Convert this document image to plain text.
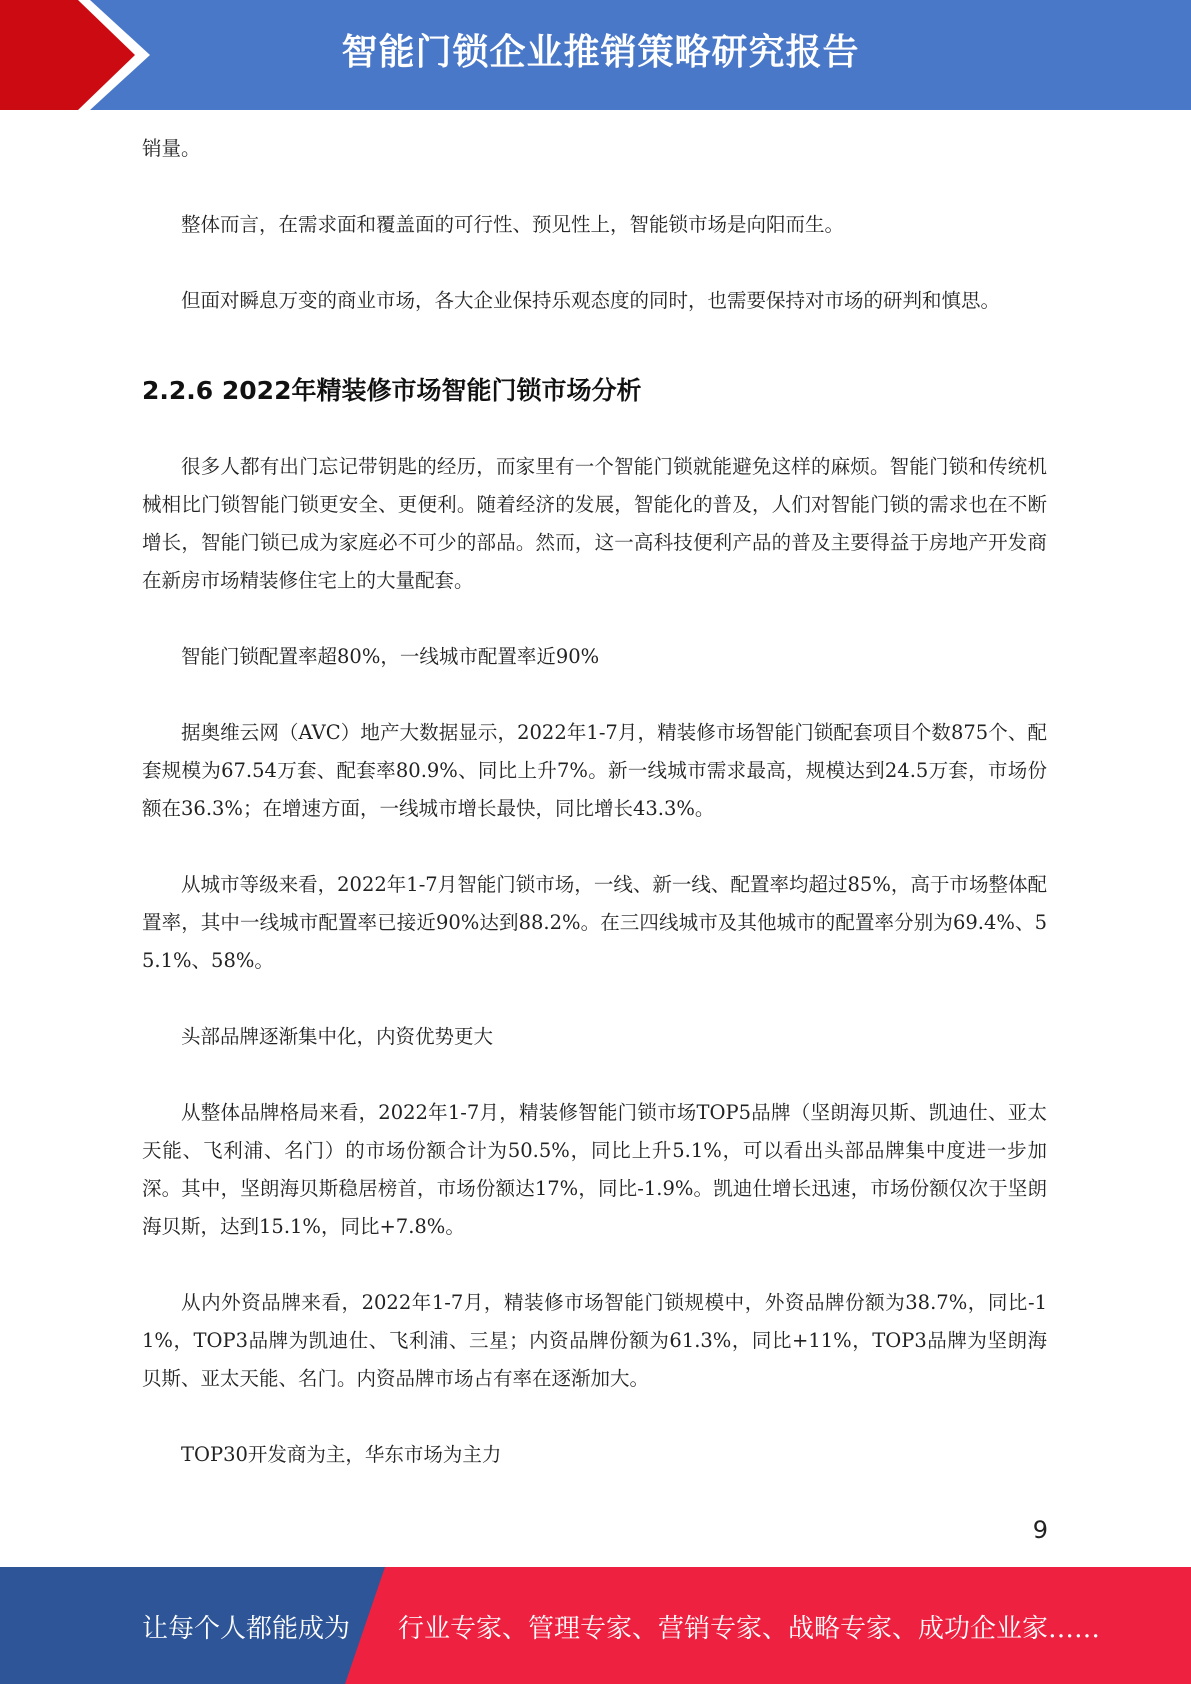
智能门锁企业推销策略研究报告

销量。

整体而言，在需求面和覆盖面的可行性、预见性上，智能锁市场是向阳而生。

但面对瞬息万变的商业市场，各大企业保持乐观态度的同时，也需要保持对市场的研判和慎思。

2.2.6 2022年精装修市场智能门锁市场分析

很多人都有出门忘记带钥匙的经历，而家里有一个智能门锁就能避免这样的麻烦。智能门锁和传统机械相比门锁智能门锁更安全、更便利。随着经济的发展，智能化的普及，人们对智能门锁的需求也在不断增长，智能门锁已成为家庭必不可少的部品。然而，这一高科技便利产品的普及主要得益于房地产开发商在新房市场精装修住宅上的大量配套。

智能门锁配置率超80%，一线城市配置率近90%

据奥维云网（AVC）地产大数据显示，2022年1-7月，精装修市场智能门锁配套项目个数875个、配套规模为67.54万套、配套率80.9%、同比上升7%。新一线城市需求最高，规模达到24.5万套，市场份额在36.3%；在增速方面，一线城市增长最快，同比增长43.3%。

从城市等级来看，2022年1-7月智能门锁市场，一线、新一线、配置率均超过85%，高于市场整体配置率，其中一线城市配置率已接近90%达到88.2%。在三四线城市及其他城市的配置率分别为69.4%、55.1%、58%。

头部品牌逐渐集中化，内资优势更大

从整体品牌格局来看，2022年1-7月，精装修智能门锁市场TOP5品牌（坚朗海贝斯、凯迪仕、亚太天能、飞利浦、名门）的市场份额合计为50.5%，同比上升5.1%，可以看出头部品牌集中度进一步加深。其中，坚朗海贝斯稳居榜首，市场份额达17%，同比-1.9%。凯迪仕增长迅速，市场份额仅次于坚朗海贝斯，达到15.1%，同比+7.8%。

从内外资品牌来看，2022年1-7月，精装修市场智能门锁规模中，外资品牌份额为38.7%，同比-11%，TOP3品牌为凯迪仕、飞利浦、三星；内资品牌份额为61.3%，同比+11%，TOP3品牌为坚朗海贝斯、亚太天能、名门。内资品牌市场占有率在逐渐加大。

TOP30开发商为主，华东市场为主力

9
让每个人都能成为 行业专家、管理专家、营销专家、战略专家、成功企业家……
